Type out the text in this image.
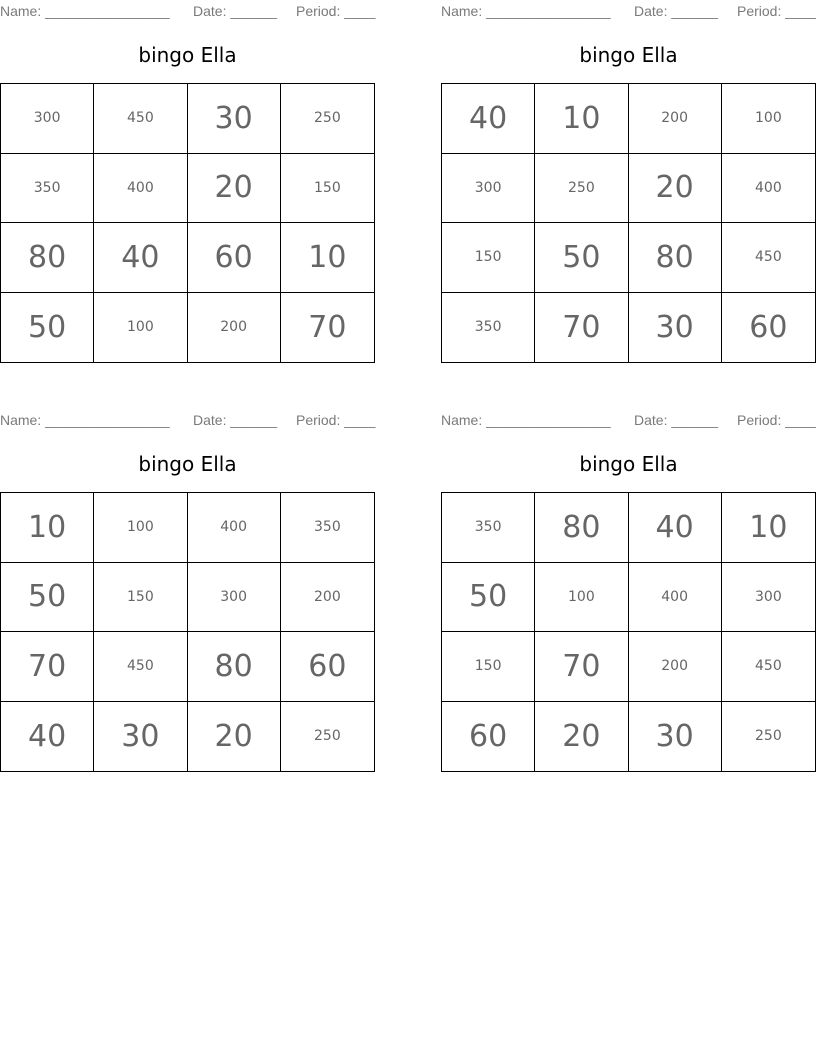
Name: ________________ Date: ______ Period: ____
bingo Ella
300	450	30	250
350	400	20	150
80	40	60	10
50	100	200	70
Name: ________________ Date: ______ Period: ____
bingo Ella
40	10	200	100
300	250	20	400
150	50	80	450
350	70	30	60
Name: ________________ Date: ______ Period: ____
bingo Ella
10	100	400	350
50	150	300	200
70	450	80	60
40	30	20	250
Name: ________________ Date: ______ Period: ____
bingo Ella
350	80	40	10
50	100	400	300
150	70	200	450
60	20	30	250
